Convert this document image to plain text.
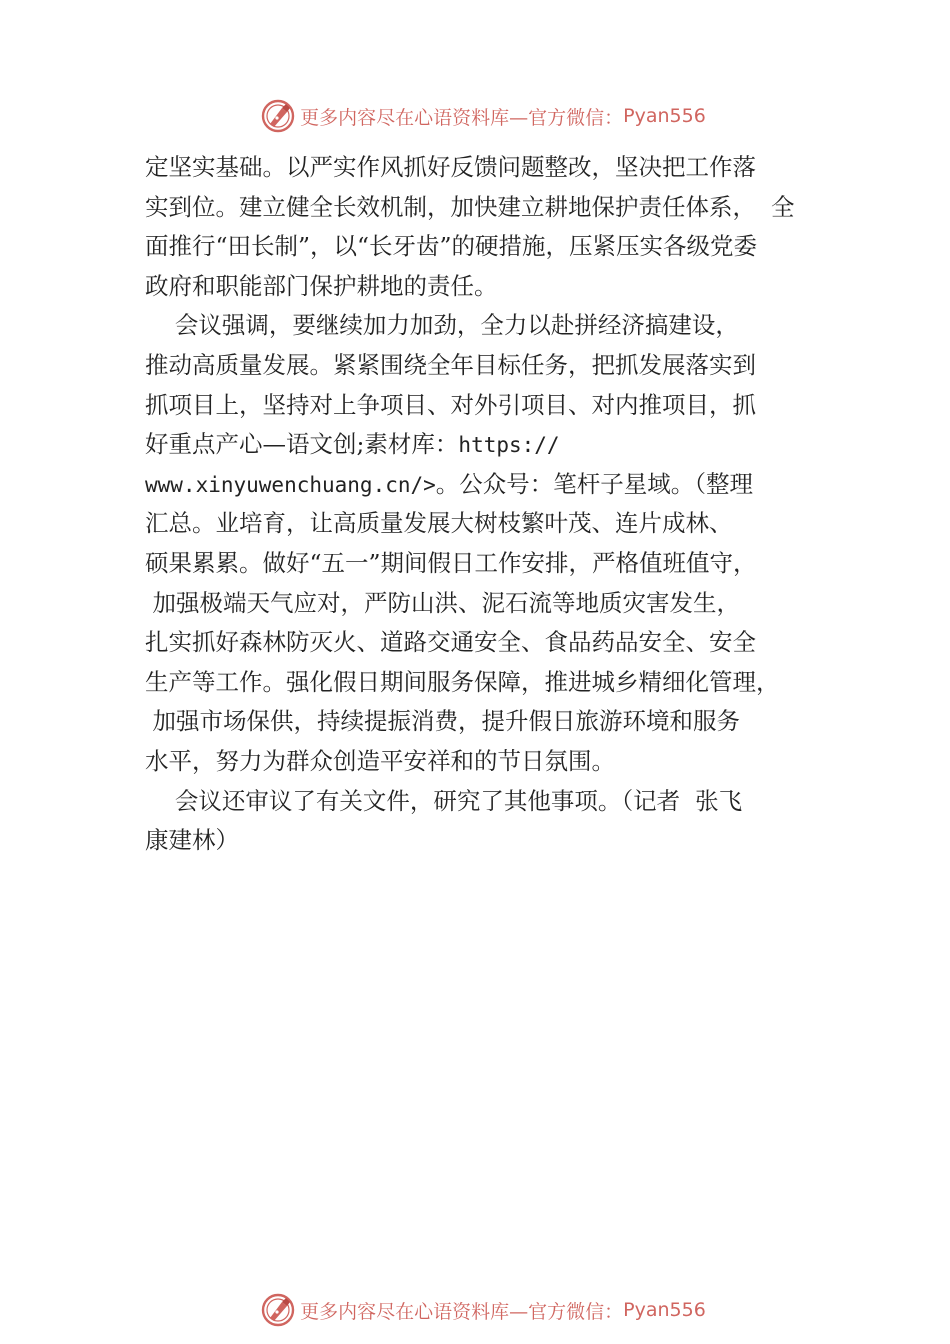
更多内容尽在心语资料库—官方微信： Pyan556
定坚实基础。以严实作风抓好反馈问题整改，坚决把工作落
实到位。建立健全长效机制，加快建立耕地保护责任体系，  全
面推行“田长制”，以“长牙齿”的硬措施，压紧压实各级党委
政府和职能部门保护耕地的责任。
会议强调，要继续加力加劲，全力以赴拼经济搞建设，
推动高质量发展。紧紧围绕全年目标任务，把抓发展落实到
抓项目上，坚持对上争项目、对外引项目、对内推项目，抓
好重点产心—语文创;素材库：https://
www.xinyuwenchuang.cn/>。公众号：笔杆子星域。（整理
汇总。业培育，让高质量发展大树枝繁叶茂、连片成林、
硕果累累。做好“五一”期间假日工作安排，严格值班值守，
加强极端天气应对，严防山洪、泥石流等地质灾害发生，
扎实抓好森林防灭火、道路交通安全、食品药品安全、安全
生产等工作。强化假日期间服务保障，推进城乡精细化管理，
加强市场保供，持续提振消费，提升假日旅游环境和服务
水平，努力为群众创造平安祥和的节日氛围。
会议还审议了有关文件，研究了其他事项。（记者  张飞
康建林）
更多内容尽在心语资料库—官方微信： Pyan556
